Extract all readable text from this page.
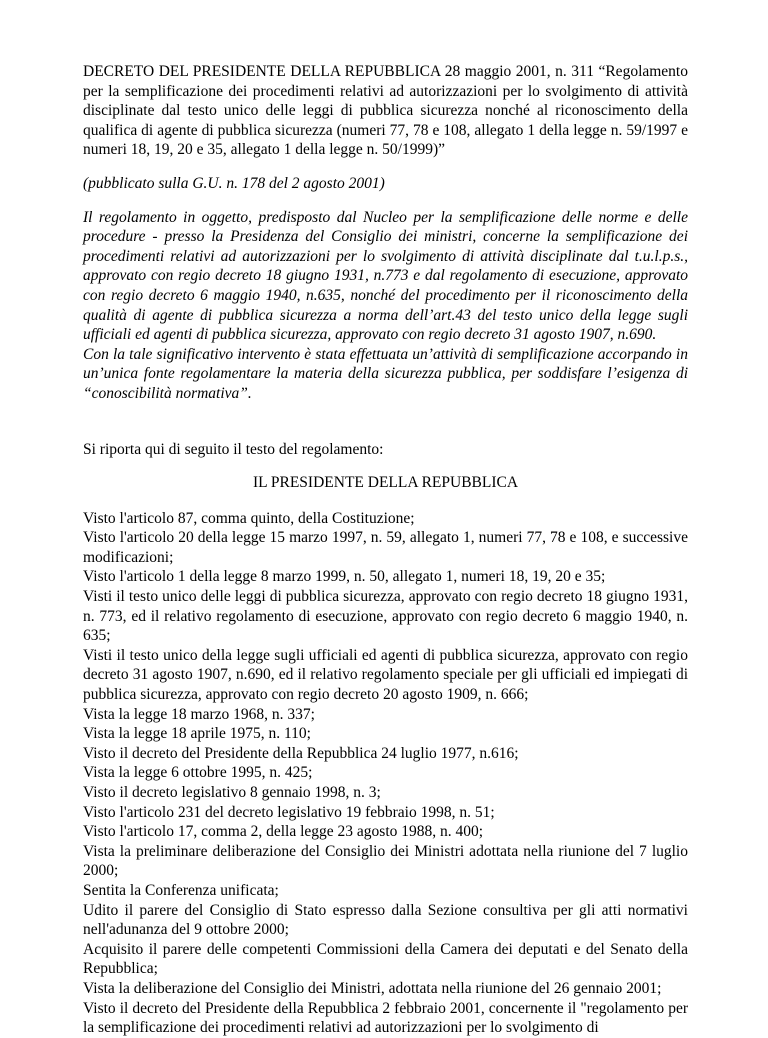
DECRETO DEL PRESIDENTE DELLA REPUBBLICA 28 maggio 2001, n. 311 “Regolamento per la semplificazione dei procedimenti relativi ad autorizzazioni per lo svolgimento di attività disciplinate dal testo unico delle leggi di pubblica sicurezza nonché al riconoscimento della qualifica di agente di pubblica sicurezza (numeri 77, 78 e 108, allegato 1 della legge n. 59/1997 e numeri 18, 19, 20 e 35, allegato 1 della legge n. 50/1999)”

(pubblicato sulla G.U. n. 178 del 2 agosto 2001)

Il regolamento in oggetto, predisposto dal Nucleo per la semplificazione delle norme e delle procedure - presso la Presidenza del Consiglio dei ministri, concerne la semplificazione dei procedimenti relativi ad autorizzazioni per lo svolgimento di attività disciplinate dal t.u.l.p.s., approvato con regio decreto 18 giugno 1931, n.773 e dal regolamento di esecuzione, approvato con regio decreto 6 maggio 1940, n.635, nonché del procedimento per il riconoscimento della qualità di agente di pubblica sicurezza a norma dell’art.43 del testo unico della legge sugli ufficiali ed agenti di pubblica sicurezza, approvato con regio decreto 31 agosto 1907, n.690.

Con la tale significativo intervento è stata effettuata un’attività di semplificazione accorpando in un’unica fonte regolamentare la materia della sicurezza pubblica, per soddisfare l’esigenza di “conoscibilità normativa”.

Si riporta qui di seguito il testo del regolamento:

IL PRESIDENTE DELLA REPUBBLICA

Visto l'articolo 87, comma quinto, della Costituzione;

Visto l'articolo 20 della legge 15 marzo 1997, n. 59, allegato 1, numeri 77, 78 e 108, e successive modificazioni;

Visto l'articolo 1 della legge 8 marzo 1999, n. 50, allegato 1, numeri 18, 19, 20 e 35;

Visti il testo unico delle leggi di pubblica sicurezza, approvato con regio decreto 18 giugno 1931, n. 773, ed il relativo regolamento di esecuzione, approvato con regio decreto 6 maggio 1940, n. 635;

Visti il testo unico della legge sugli ufficiali ed agenti di pubblica sicurezza, approvato con regio decreto 31 agosto 1907, n.690, ed il relativo regolamento speciale per gli ufficiali ed impiegati di pubblica sicurezza, approvato con regio decreto 20 agosto 1909, n. 666;

Vista la legge 18 marzo 1968, n. 337;

Vista la legge 18 aprile 1975, n. 110;

Visto il decreto del Presidente della Repubblica 24 luglio 1977, n.616;

Vista la legge 6 ottobre 1995, n. 425;

Visto il decreto legislativo 8 gennaio 1998, n. 3;

Visto l'articolo 231 del decreto legislativo 19 febbraio 1998, n. 51;

Visto l'articolo 17, comma 2, della legge 23 agosto 1988, n. 400;

Vista la preliminare deliberazione del Consiglio dei Ministri adottata nella riunione del 7 luglio 2000;

Sentita la Conferenza unificata;

Udito il parere del Consiglio di Stato espresso dalla Sezione consultiva per gli atti normativi nell'adunanza del 9 ottobre 2000;

Acquisito il parere delle competenti Commissioni della Camera dei deputati e del Senato della Repubblica;

Vista la deliberazione del Consiglio dei Ministri, adottata nella riunione del 26 gennaio 2001;

Visto il decreto del Presidente della Repubblica 2 febbraio 2001, concernente il "regolamento per la semplificazione dei procedimenti relativi ad autorizzazioni per lo svolgimento di
